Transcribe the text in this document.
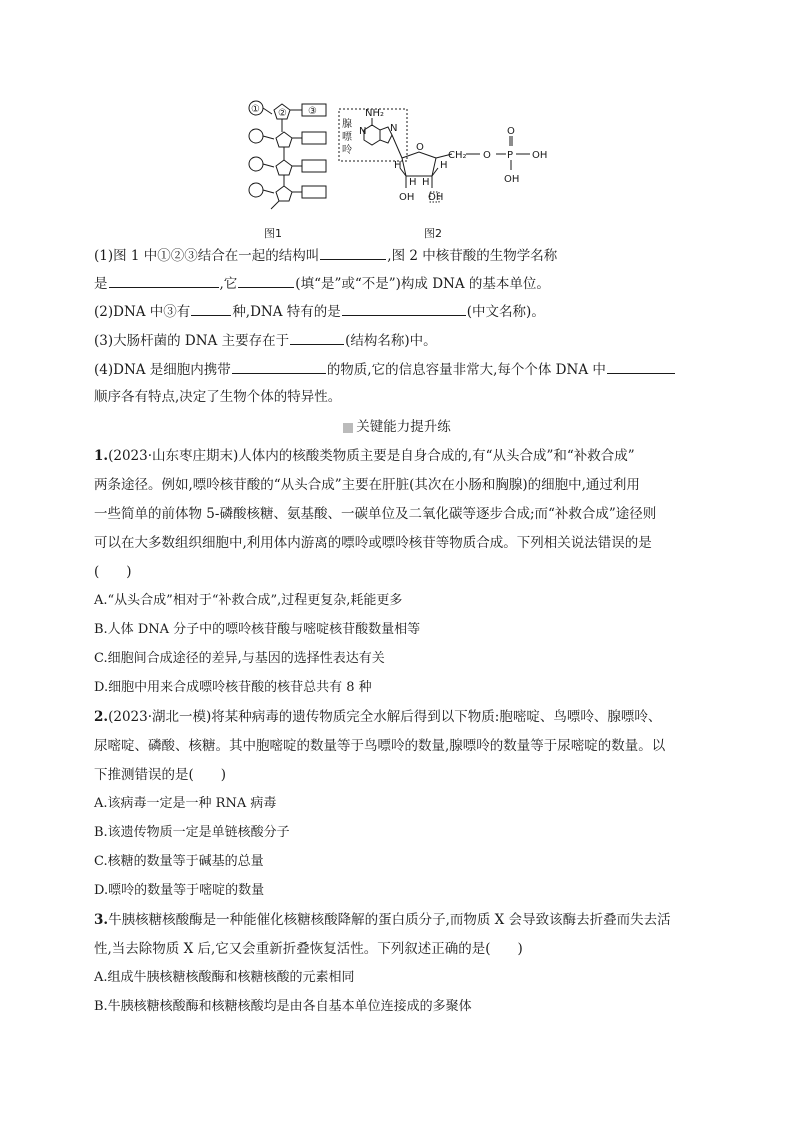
① ② ③
腺
嘌
呤
NH₂
N N
O
H	H
H H
OH OH
CH₂ O P
O
OH
OH
图1	图2
(1)图 1 中①②③结合在一起的结构叫	,图 2 中核苷酸的生物学名称
是	,它	(填“是”或“不是”)构成 DNA 的基本单位。
(2)DNA 中③有	种,DNA 特有的是	(中文名称)。
(3)大肠杆菌的 DNA 主要存在于	(结构名称)中。
(4)DNA 是细胞内携带	的物质,它的信息容量非常大,每个个体 DNA 中
顺序各有特点,决定了生物个体的特异性。
关键能力提升练
1.(2023·山东枣庄期末)人体内的核酸类物质主要是自身合成的,有“从头合成”和“补救合成”
两条途径。例如,嘌呤核苷酸的“从头合成”主要在肝脏(其次在小肠和胸腺)的细胞中,通过利用
一些简单的前体物 5-磷酸核糖、氨基酸、一碳单位及二氧化碳等逐步合成;而“补救合成”途径则
可以在大多数组织细胞中,利用体内游离的嘌呤或嘌呤核苷等物质合成。下列相关说法错误的是
(　　)
A.“从头合成”相对于“补救合成”,过程更复杂,耗能更多
B.人体 DNA 分子中的嘌呤核苷酸与嘧啶核苷酸数量相等
C.细胞间合成途径的差异,与基因的选择性表达有关
D.细胞中用来合成嘌呤核苷酸的核苷总共有 8 种
2.(2023·湖北一模)将某种病毒的遗传物质完全水解后得到以下物质:胞嘧啶、鸟嘌呤、腺嘌呤、
尿嘧啶、磷酸、核糖。其中胞嘧啶的数量等于鸟嘌呤的数量,腺嘌呤的数量等于尿嘧啶的数量。以
下推测错误的是(　　)
A.该病毒一定是一种 RNA 病毒
B.该遗传物质一定是单链核酸分子
C.核糖的数量等于碱基的总量
D.嘌呤的数量等于嘧啶的数量
3.牛胰核糖核酸酶是一种能催化核糖核酸降解的蛋白质分子,而物质 X 会导致该酶去折叠而失去活
性,当去除物质 X 后,它又会重新折叠恢复活性。下列叙述正确的是(　　)
A.组成牛胰核糖核酸酶和核糖核酸的元素相同
B.牛胰核糖核酸酶和核糖核酸均是由各自基本单位连接成的多聚体
